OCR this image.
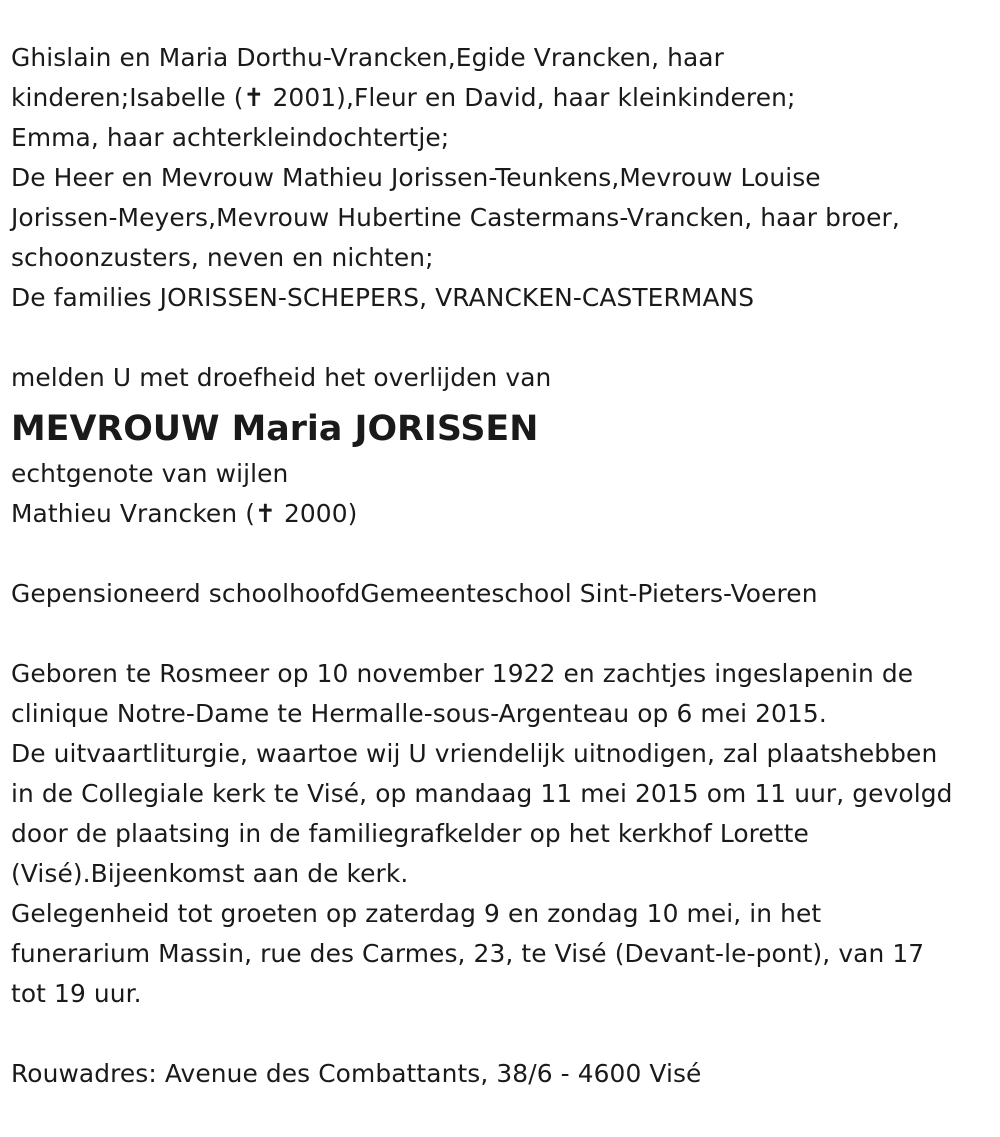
Ghislain en Maria Dorthu-Vrancken,Egide Vrancken, haar
kinderen;Isabelle (✝ 2001),Fleur en David, haar kleinkinderen;
Emma, haar achterkleindochtertje;
De Heer en Mevrouw Mathieu Jorissen-Teunkens,Mevrouw Louise
Jorissen-Meyers,Mevrouw Hubertine Castermans-Vrancken, haar broer,
schoonzusters, neven en nichten;
De families JORISSEN-SCHEPERS, VRANCKEN-CASTERMANS
melden U met droefheid het overlijden van
MEVROUW Maria JORISSEN
echtgenote van wijlen
Mathieu Vrancken (✝ 2000)
Gepensioneerd schoolhoofdGemeenteschool Sint-Pieters-Voeren
Geboren te Rosmeer op 10 november 1922 en zachtjes ingeslapenin de
clinique Notre-Dame te Hermalle-sous-Argenteau op 6 mei 2015.
De uitvaartliturgie, waartoe wij U vriendelijk uitnodigen, zal plaatshebben
in de Collegiale kerk te Visé, op mandaag 11 mei 2015 om 11 uur, gevolgd
door de plaatsing in de familiegrafkelder op het kerkhof Lorette
(Visé).Bijeenkomst aan de kerk.
Gelegenheid tot groeten op zaterdag 9 en zondag 10 mei, in het
funerarium Massin, rue des Carmes, 23, te Visé (Devant-le-pont), van 17
tot 19 uur.
Rouwadres: Avenue des Combattants, 38/6 - 4600 Visé
